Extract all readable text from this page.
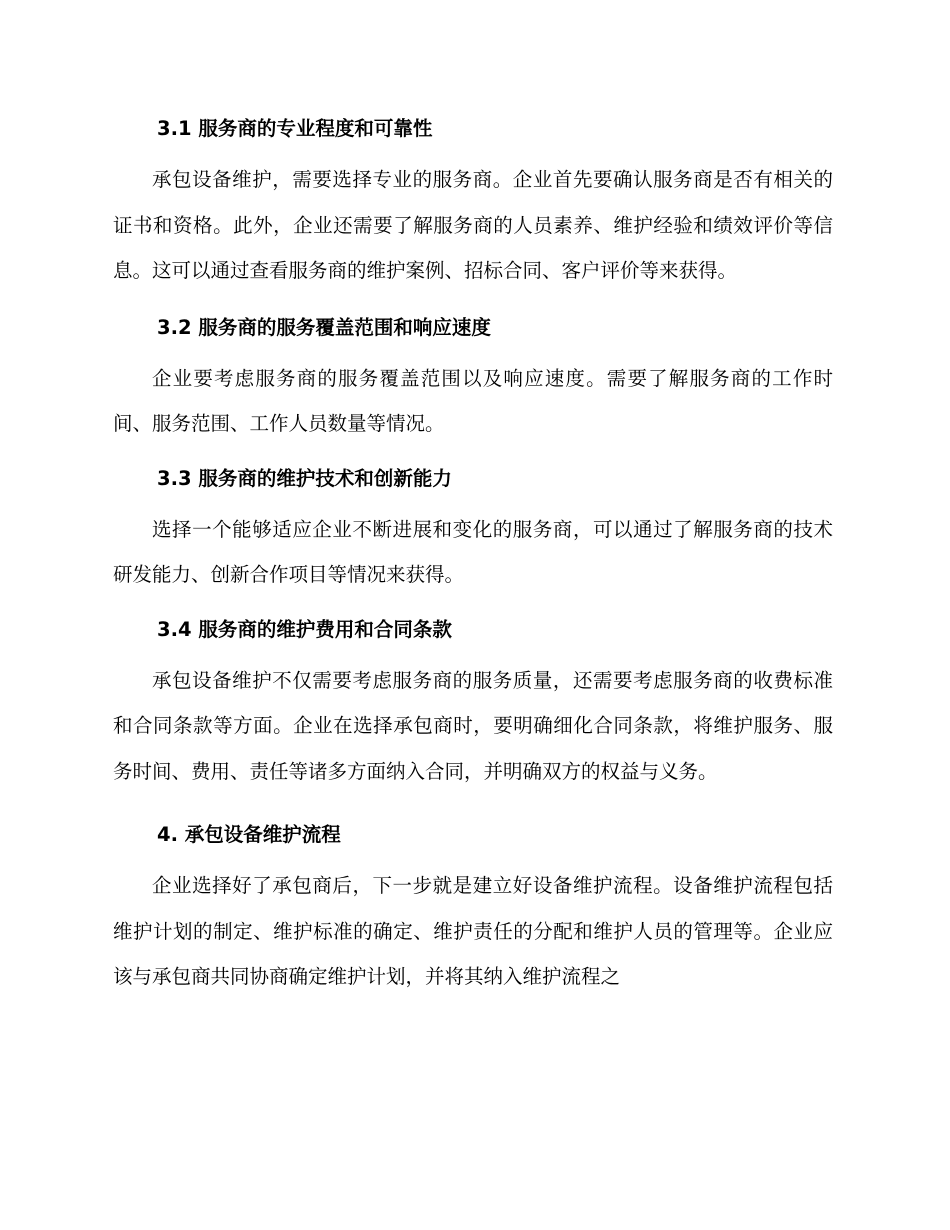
3.1 服务商的专业程度和可靠性
承包设备维护，需要选择专业的服务商。企业首先要确认服务商是否有相关的证书和资格。此外，企业还需要了解服务商的人员素养、维护经验和绩效评价等信息。这可以通过查看服务商的维护案例、招标合同、客户评价等来获得。
3.2 服务商的服务覆盖范围和响应速度
企业要考虑服务商的服务覆盖范围以及响应速度。需要了解服务商的工作时间、服务范围、工作人员数量等情况。
3.3 服务商的维护技术和创新能力
选择一个能够适应企业不断进展和变化的服务商，可以通过了解服务商的技术研发能力、创新合作项目等情况来获得。
3.4 服务商的维护费用和合同条款
承包设备维护不仅需要考虑服务商的服务质量，还需要考虑服务商的收费标准和合同条款等方面。企业在选择承包商时，要明确细化合同条款，将维护服务、服务时间、费用、责任等诸多方面纳入合同，并明确双方的权益与义务。
4. 承包设备维护流程
企业选择好了承包商后，下一步就是建立好设备维护流程。设备维护流程包括维护计划的制定、维护标准的确定、维护责任的分配和维护人员的管理等。企业应该与承包商共同协商确定维护计划，并将其纳入维护流程之
